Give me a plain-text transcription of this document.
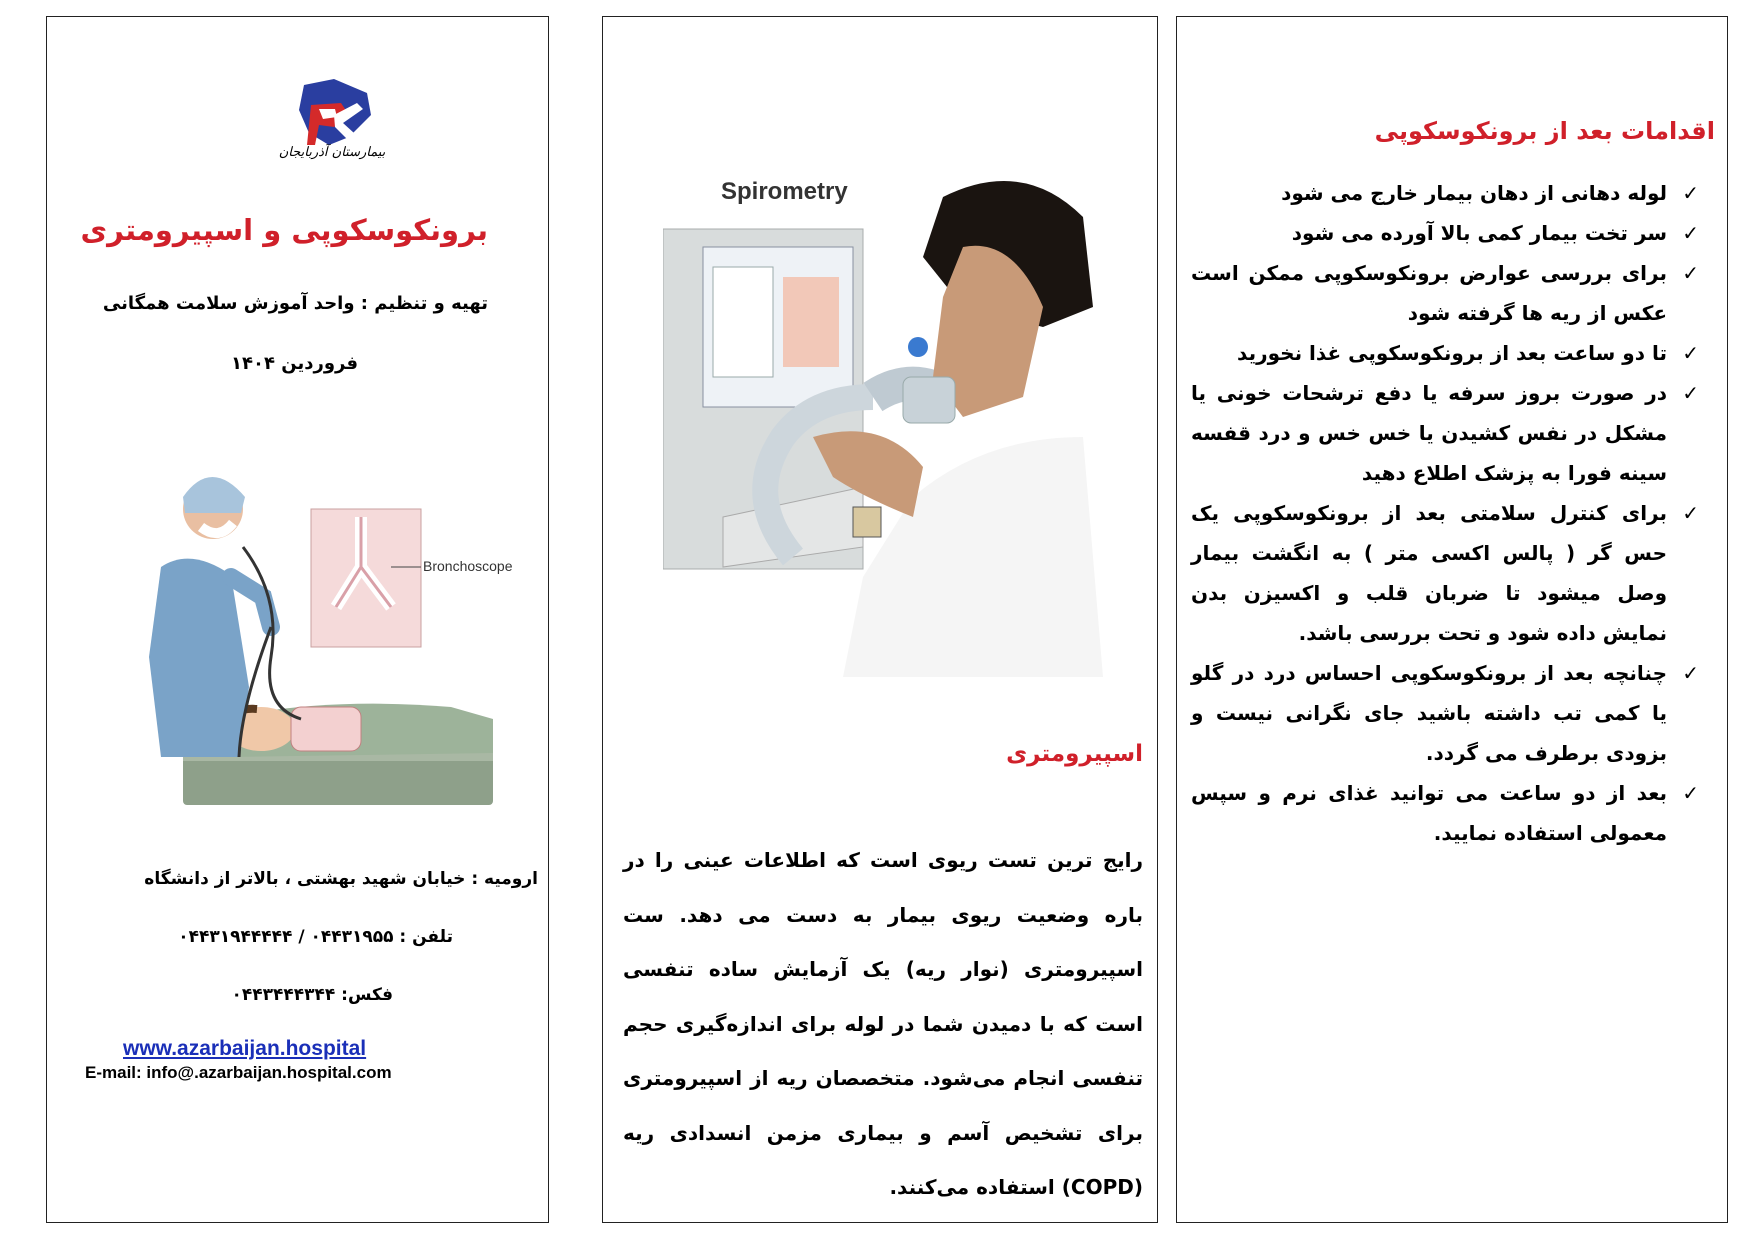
بیمارستان آذربایجان
برونکوسکوپی و اسپیرومتری
تهیه و تنظیم : واحد آموزش سلامت همگانی
فروردین ۱۴۰۴
Bronchoscope
ارومیه : خیابان شهید بهشتی ، بالاتر از دانشگاه
تلفن : ۰۴۴۳۱۹۵۵ / ۰۴۴۳۱۹۴۴۴۴۴
فکس: ۰۴۴۳۴۴۴۳۴۴
www.azarbaijan.hospital
E-mail: info@.azarbaijan.hospital.com
Spirometry
اسپیرومتری
رایج ترین تست ریوی است که اطلاعات عینی را در باره وضعیت ریوی بیمار به دست می دهد. ست اسپیرومتری (نوار ریه) یک آزمایش ساده تنفسی است که با دمیدن شما در لوله برای اندازه‌گیری حجم تنفسی انجام می‌شود. متخصصان ریه از اسپیرومتری برای تشخیص آسم و بیماری مزمن انسدادی ریه (COPD) استفاده می‌کنند.
اقدامات بعد از برونکوسکوپی
✓
لوله دهانی از دهان بیمار خارج می شود
✓
سر تخت بیمار کمی بالا آورده می شود
✓
برای بررسی عوارض برونکوسکوپی ممکن است عکس از ریه ها گرفته شود
✓
تا دو ساعت بعد از برونکوسکوپی غذا نخورید
✓
در صورت بروز سرفه یا دفع ترشحات خونی یا مشکل در نفس کشیدن یا خس خس و درد قفسه سینه فورا به پزشک اطلاع دهید
✓
برای کنترل سلامتی بعد از برونکوسکوپی یک حس گر ( پالس اکسی متر ) به انگشت بیمار وصل میشود تا ضربان قلب و اکسیزن بدن نمایش داده شود و تحت بررسی باشد.
✓
چنانچه بعد از برونکوسکوپی احساس درد در گلو یا کمی تب داشته باشید جای نگرانی نیست و بزودی برطرف می گردد.
✓
بعد از دو ساعت می توانید غذای نرم و سپس معمولی استفاده نمایید.
